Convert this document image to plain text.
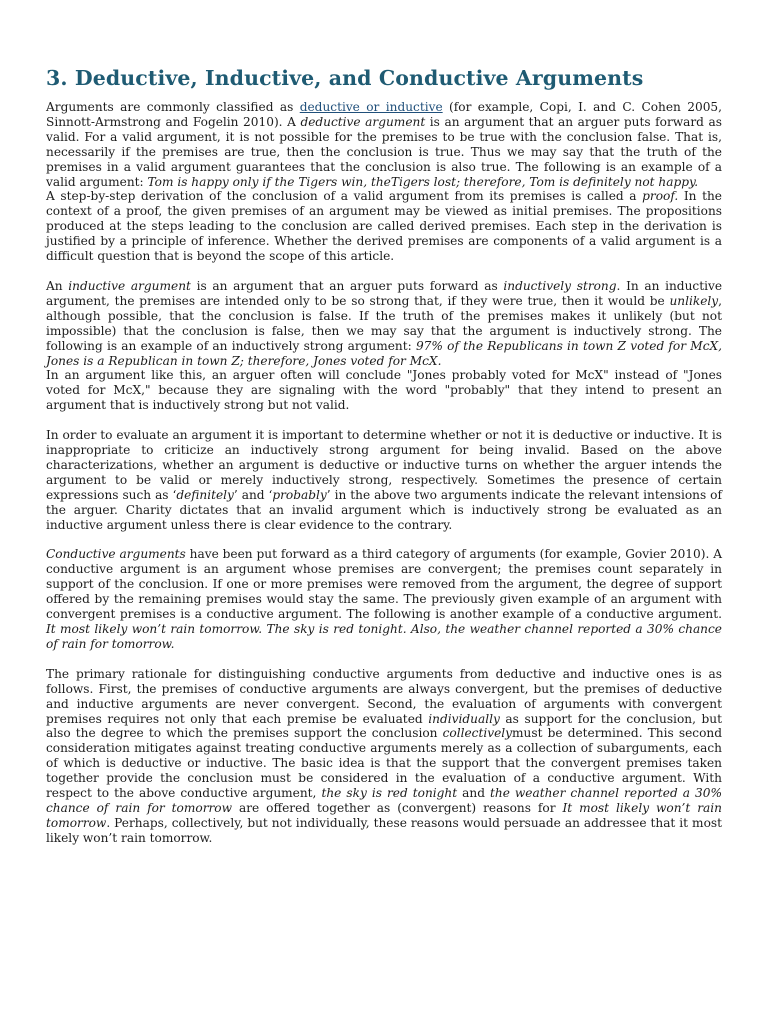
3. Deductive, Inductive, and Conductive Arguments

Arguments are commonly classified as deductive or inductive (for example, Copi, I. and C. Cohen 2005, Sinnott-Armstrong and Fogelin 2010). A deductive argument is an argument that an arguer puts forward as valid. For a valid argument, it is not possible for the premises to be true with the conclusion false. That is, necessarily if the premises are true, then the conclusion is true. Thus we may say that the truth of the premises in a valid argument guarantees that the conclusion is also true. The following is an example of a valid argument: Tom is happy only if the Tigers win, theTigers lost; therefore, Tom is definitely not happy.

A step-by-step derivation of the conclusion of a valid argument from its premises is called a proof. In the context of a proof, the given premises of an argument may be viewed as initial premises. The propositions produced at the steps leading to the conclusion are called derived premises. Each step in the derivation is justified by a principle of inference. Whether the derived premises are components of a valid argument is a difficult question that is beyond the scope of this article.

An inductive argument is an argument that an arguer puts forward as inductively strong. In an inductive argument, the premises are intended only to be so strong that, if they were true, then it would be unlikely, although possible, that the conclusion is false. If the truth of the premises makes it unlikely (but not impossible) that the conclusion is false, then we may say that the argument is inductively strong. The following is an example of an inductively strong argument: 97% of the Republicans in town Z voted for McX, Jones is a Republican in town Z; therefore, Jones voted for McX.

In an argument like this, an arguer often will conclude "Jones probably voted for McX" instead of "Jones voted for McX," because they are signaling with the word "probably" that they intend to present an argument that is inductively strong but not valid.

In order to evaluate an argument it is important to determine whether or not it is deductive or inductive. It is inappropriate to criticize an inductively strong argument for being invalid. Based on the above characterizations, whether an argument is deductive or inductive turns on whether the arguer intends the argument to be valid or merely inductively strong, respectively. Sometimes the presence of certain expressions such as ‘definitely’ and ‘probably’ in the above two arguments indicate the relevant intensions of the arguer. Charity dictates that an invalid argument which is inductively strong be evaluated as an inductive argument unless there is clear evidence to the contrary.

Conductive arguments have been put forward as a third category of arguments (for example, Govier 2010). A conductive argument is an argument whose premises are convergent; the premises count separately in support of the conclusion. If one or more premises were removed from the argument, the degree of support offered by the remaining premises would stay the same. The previously given example of an argument with convergent premises is a conductive argument. The following is another example of a conductive argument. It most likely won’t rain tomorrow. The sky is red tonight. Also, the weather channel reported a 30% chance of rain for tomorrow.

The primary rationale for distinguishing conductive arguments from deductive and inductive ones is as follows. First, the premises of conductive arguments are always convergent, but the premises of deductive and inductive arguments are never convergent. Second, the evaluation of arguments with convergent premises requires not only that each premise be evaluated individually as support for the conclusion, but also the degree to which the premises support the conclusion collectivelymust be determined. This second consideration mitigates against treating conductive arguments merely as a collection of subarguments, each of which is deductive or inductive. The basic idea is that the support that the convergent premises taken together provide the conclusion must be considered in the evaluation of a conductive argument. With respect to the above conductive argument, the sky is red tonight and the weather channel reported a 30% chance of rain for tomorrow are offered together as (convergent) reasons for It most likely won’t rain tomorrow. Perhaps, collectively, but not individually, these reasons would persuade an addressee that it most likely won’t rain tomorrow.
